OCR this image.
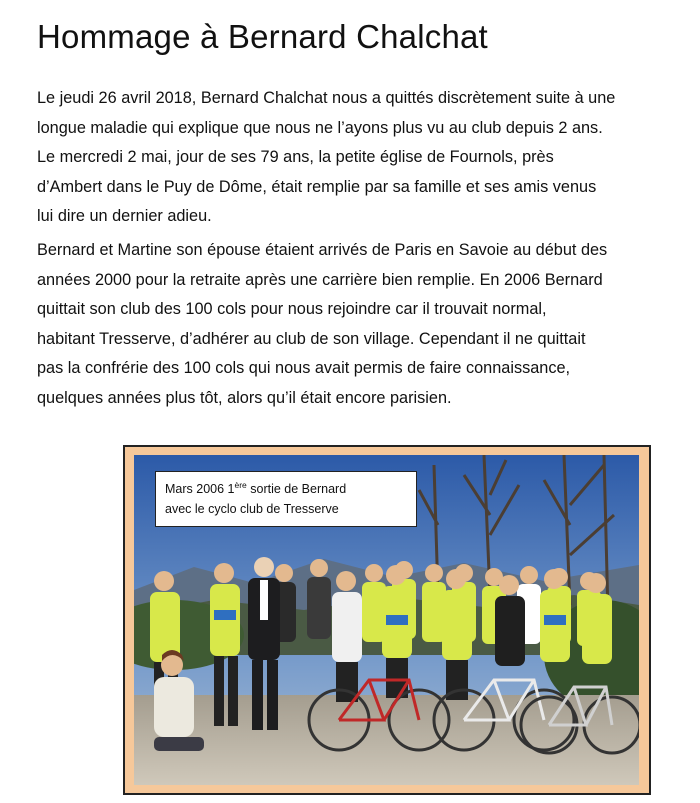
Hommage à Bernard Chalchat
Le jeudi 26 avril 2018, Bernard Chalchat nous a quittés discrètement suite à une
longue maladie qui explique que nous ne l’ayons plus vu au club depuis 2 ans.
Le mercredi 2 mai, jour de ses 79 ans, la petite église de Fournols, près
d’Ambert dans le Puy de Dôme, était remplie par sa famille et ses amis venus
lui dire un dernier adieu.
Bernard et Martine son épouse étaient arrivés de Paris en Savoie au début des
années 2000 pour la retraite après une carrière bien remplie. En 2006 Bernard
quittait son club des 100 cols pour nous rejoindre car il trouvait normal,
habitant Tresserve, d’adhérer au club de son village. Cependant il ne quittait
pas la confrérie des 100 cols qui nous avait permis de faire connaissance,
quelques années plus tôt, alors qu’il était encore parisien.
Mars 2006 1ère sortie de Bernard
avec le cyclo club de Tresserve
